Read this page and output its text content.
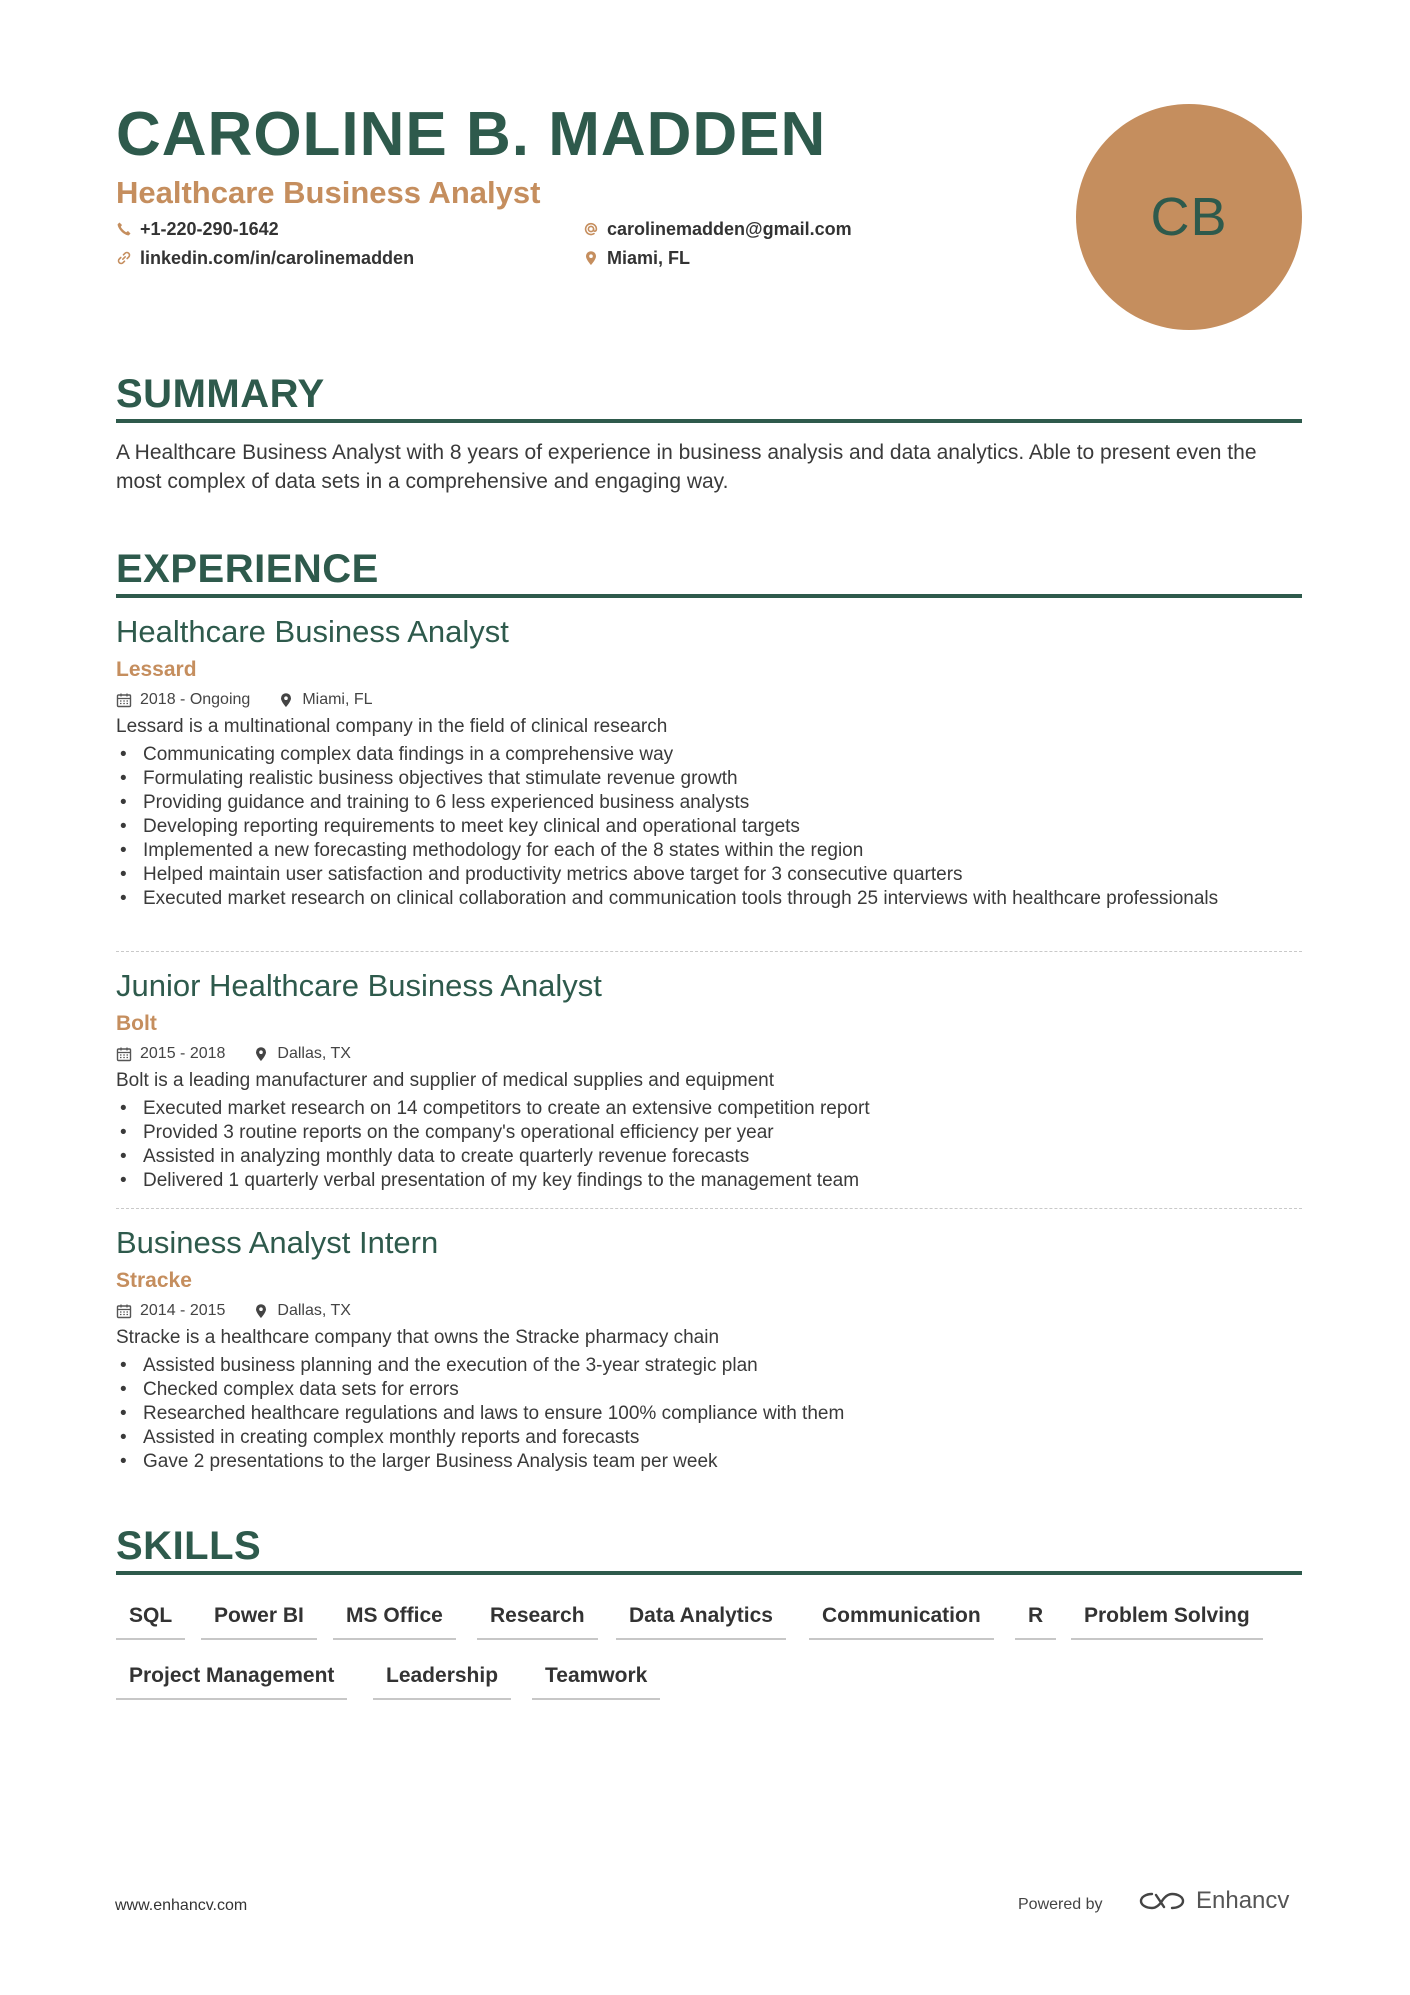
CAROLINE B. MADDEN
Healthcare Business Analyst
+1-220-290-1642	carolinemadden@gmail.com
linkedin.com/in/carolinemadden	Miami, FL
CB
SUMMARY
A Healthcare Business Analyst with 8 years of experience in business analysis and data analytics. Able to present even the most complex of data sets in a comprehensive and engaging way.
EXPERIENCE
Healthcare Business Analyst
Lessard
2018 - Ongoing	Miami, FL
Lessard is a multinational company in the field of clinical research
• Communicating complex data findings in a comprehensive way
• Formulating realistic business objectives that stimulate revenue growth
• Providing guidance and training to 6 less experienced business analysts
• Developing reporting requirements to meet key clinical and operational targets
• Implemented a new forecasting methodology for each of the 8 states within the region
• Helped maintain user satisfaction and productivity metrics above target for 3 consecutive quarters
• Executed market research on clinical collaboration and communication tools through 25 interviews with healthcare professionals
Junior Healthcare Business Analyst
Bolt
2015 - 2018	Dallas, TX
Bolt is a leading manufacturer and supplier of medical supplies and equipment
• Executed market research on 14 competitors to create an extensive competition report
• Provided 3 routine reports on the company's operational efficiency per year
• Assisted in analyzing monthly data to create quarterly revenue forecasts
• Delivered 1 quarterly verbal presentation of my key findings to the management team
Business Analyst Intern
Stracke
2014 - 2015	Dallas, TX
Stracke is a healthcare company that owns the Stracke pharmacy chain
• Assisted business planning and the execution of the 3-year strategic plan
• Checked complex data sets for errors
• Researched healthcare regulations and laws to ensure 100% compliance with them
• Assisted in creating complex monthly reports and forecasts
• Gave 2 presentations to the larger Business Analysis team per week
SKILLS
SQL	Power BI	MS Office	Research	Data Analytics	Communication	R	Problem Solving
Project Management	Leadership	Teamwork
www.enhancv.com	Powered by	Enhancv
